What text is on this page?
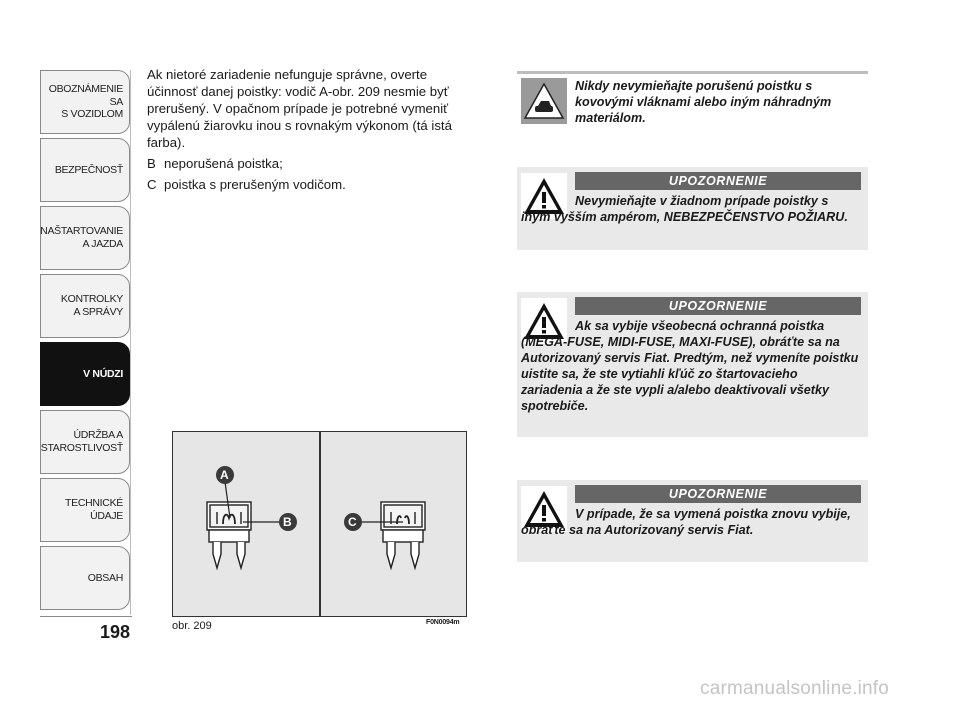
OBOZNÁMENIE SA
S VOZIDLOM
BEZPEČNOSŤ
NAŠTARTOVANIE
A JAZDA
KONTROLKY
A SPRÁVY
V NÚDZI
ÚDRŽBA A
STAROSTLIVOSŤ
TECHNICKÉ
ÚDAJE
OBSAH
198

Ak nietoré zariadenie nefunguje správne, overte účinnosť danej poistky: vodič A-obr. 209 nesmie byť prerušený. V opačnom prípade je potrebné vymeniť vypálenú žiarovku inou s rovnakým výkonom (tá istá farba).

B neporušená poistka;
C poistka s prerušeným vodičom.
A
B	C
obr. 209	F0N0094m
Nikdy nevymieňajte porušenú poistku s kovovými vláknami alebo iným náhradným materiálom.
UPOZORNENIE
Nevymieňajte v žiadnom prípade poistky s iným vyšším ampérom, NEBEZPEČENSTVO POŽIARU.
UPOZORNENIE
Ak sa vybije všeobecná ochranná poistka (MEGA-FUSE, MIDI-FUSE, MAXI-FUSE), obráťte sa na Autorizovaný servis Fiat. Predtým, než vymeníte poistku uistite sa, že ste vytiahli kľúč zo štartovacieho zariadenia a že ste vypli a/alebo deaktivovali všetky spotrebiče.
UPOZORNENIE
V prípade, že sa vymená poistka znovu vybije, obráťte sa na Autorizovaný servis Fiat.
carmanualsonline.info
